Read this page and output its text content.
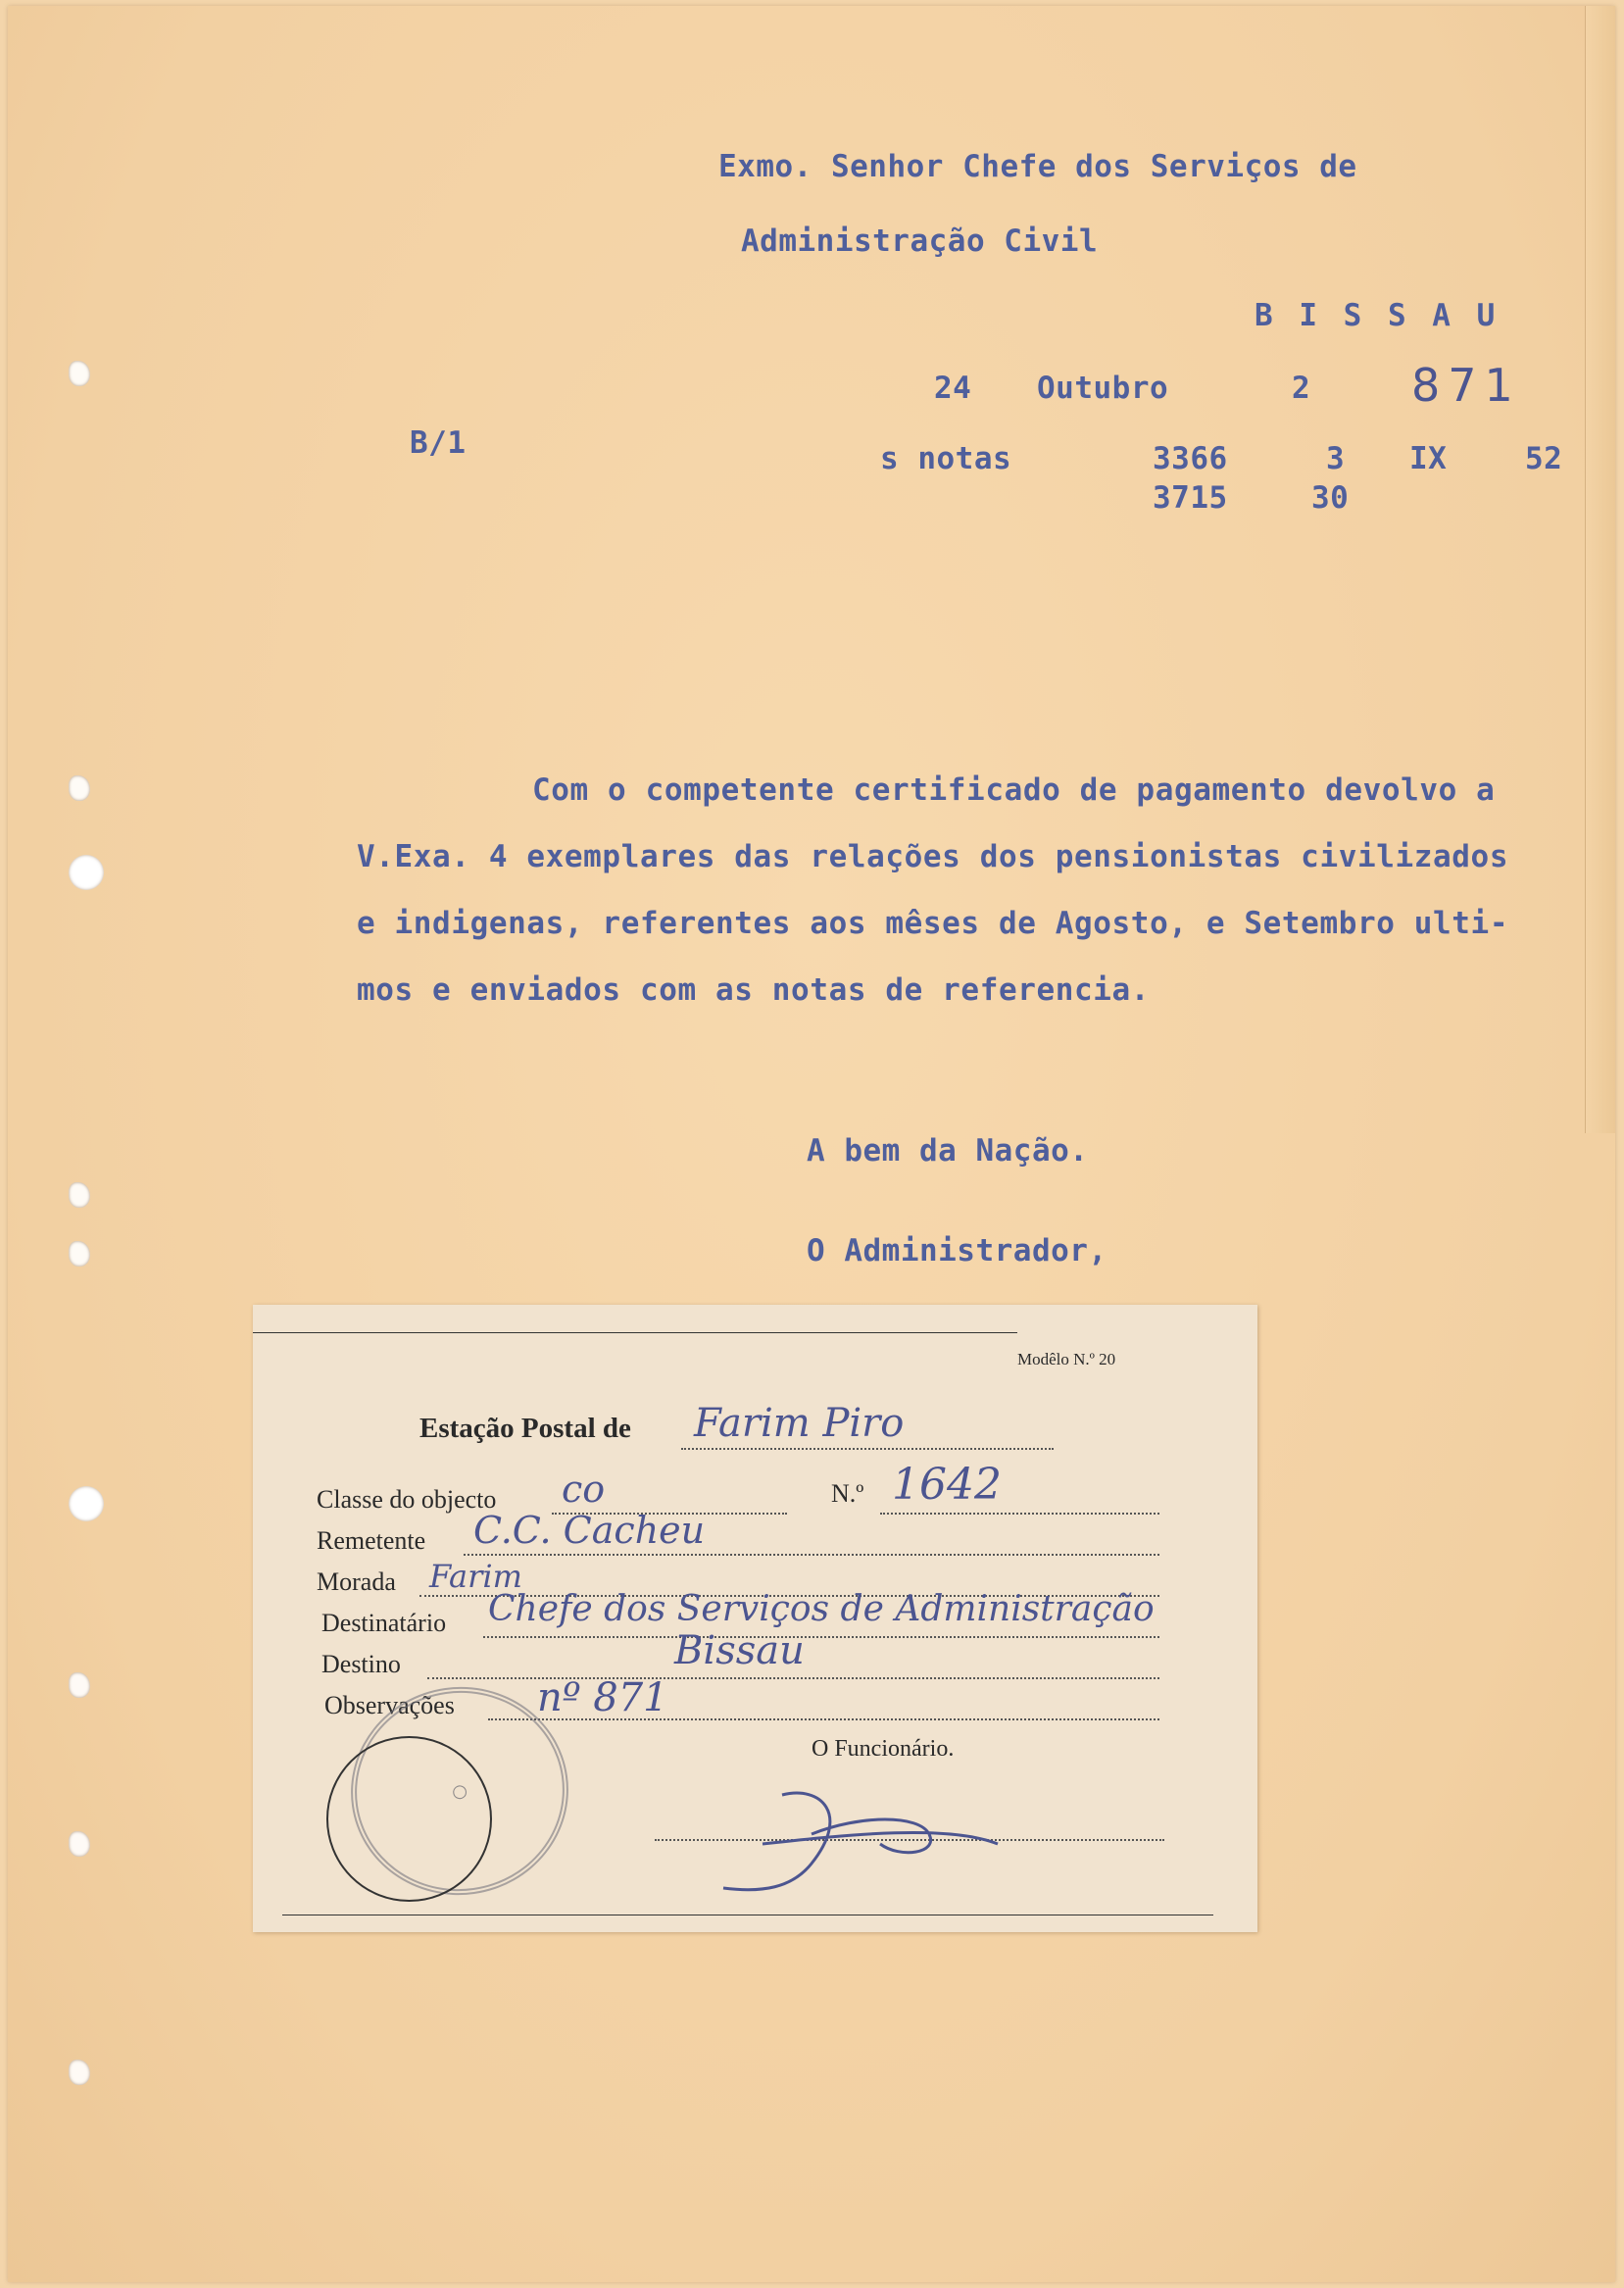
Exmo. Senhor Chefe dos Serviços de
Administração Civil
B I S S A U
24 Outubro	2 871
B/1	s notas	3366	3 IX	52
3715	30
Com o competente certificado de pagamento devolvo a
V.Exa. 4 exemplares das relações dos pensionistas civilizados
e indigenas, referentes aos mêses de Agosto, e Setembro ulti-
mos e enviados com as notas de referencia.
A bem da Nação.
O Administrador,
Modêlo N.º 20
Estação Postal de Farim Piro
Classe do objecto co	N.º 1642
Remetente C.C. Cacheu
Morada Farim
Destinatário Chefe dos Serviços de Administração
Destino	Bissau
Observações nº 871
O Funcionário.
○
